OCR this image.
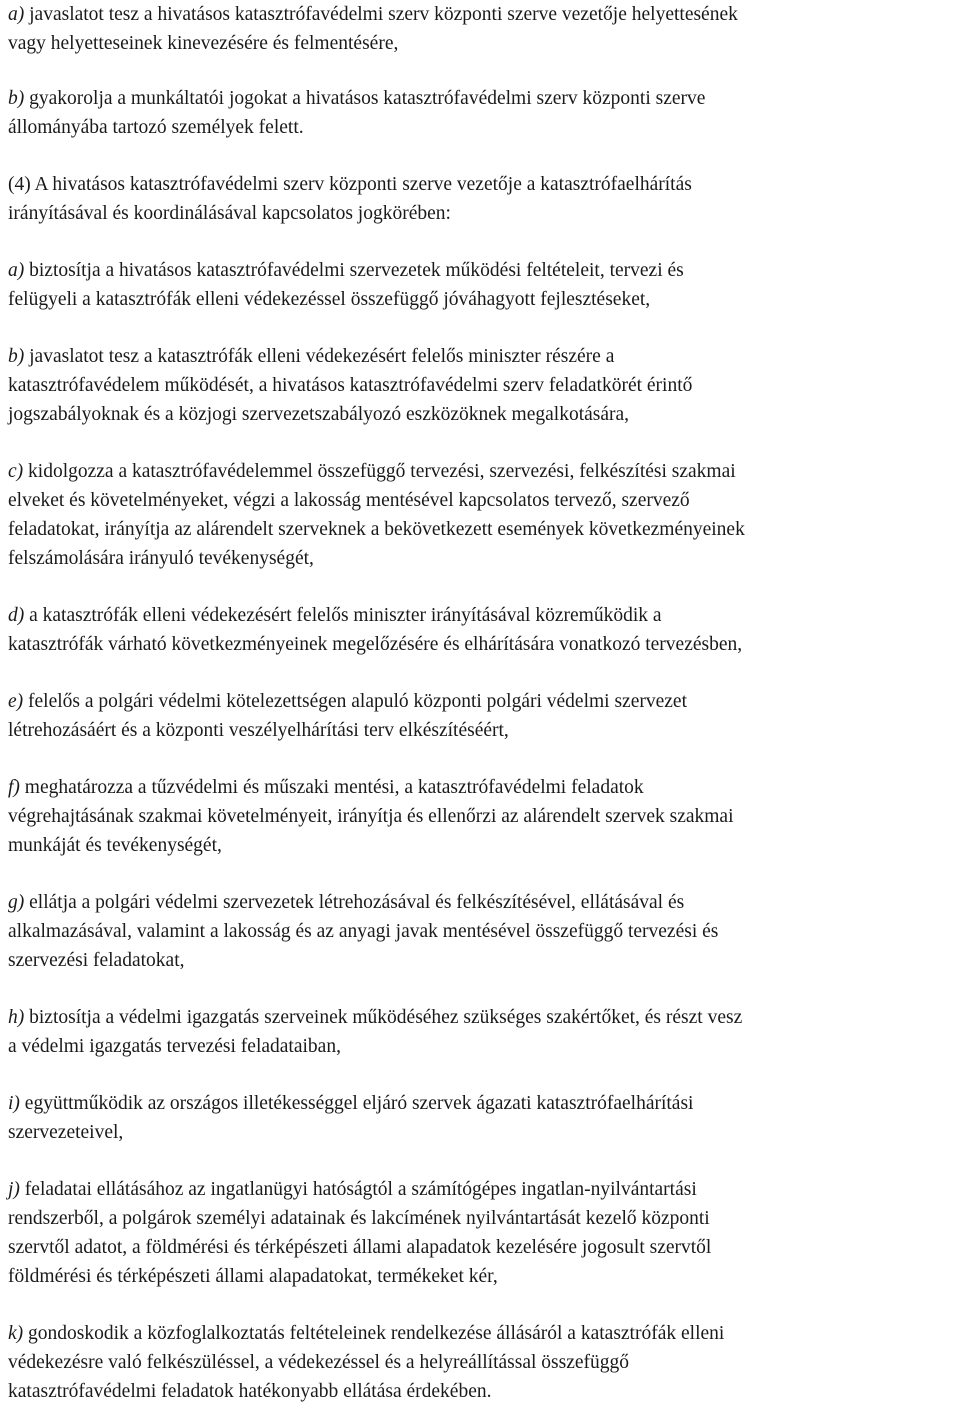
a) javaslatot tesz a hivatásos katasztrófavédelmi szerv központi szerve vezetője helyettesének
vagy helyetteseinek kinevezésére és felmentésére,
b) gyakorolja a munkáltatói jogokat a hivatásos katasztrófavédelmi szerv központi szerve
állományába tartozó személyek felett.
(4) A hivatásos katasztrófavédelmi szerv központi szerve vezetője a katasztrófaelhárítás
irányításával és koordinálásával kapcsolatos jogkörében:
a) biztosítja a hivatásos katasztrófavédelmi szervezetek működési feltételeit, tervezi és
felügyeli a katasztrófák elleni védekezéssel összefüggő jóváhagyott fejlesztéseket,
b) javaslatot tesz a katasztrófák elleni védekezésért felelős miniszter részére a
katasztrófavédelem működését, a hivatásos katasztrófavédelmi szerv feladatkörét érintő
jogszabályoknak és a közjogi szervezetszabályozó eszközöknek megalkotására,
c) kidolgozza a katasztrófavédelemmel összefüggő tervezési, szervezési, felkészítési szakmai
elveket és követelményeket, végzi a lakosság mentésével kapcsolatos tervező, szervező
feladatokat, irányítja az alárendelt szerveknek a bekövetkezett események következményeinek
felszámolására irányuló tevékenységét,
d) a katasztrófák elleni védekezésért felelős miniszter irányításával közreműködik a
katasztrófák várható következményeinek megelőzésére és elhárítására vonatkozó tervezésben,
e) felelős a polgári védelmi kötelezettségen alapuló központi polgári védelmi szervezet
létrehozásáért és a központi veszélyelhárítási terv elkészítéséért,
f) meghatározza a tűzvédelmi és műszaki mentési, a katasztrófavédelmi feladatok
végrehajtásának szakmai követelményeit, irányítja és ellenőrzi az alárendelt szervek szakmai
munkáját és tevékenységét,
g) ellátja a polgári védelmi szervezetek létrehozásával és felkészítésével, ellátásával és
alkalmazásával, valamint a lakosság és az anyagi javak mentésével összefüggő tervezési és
szervezési feladatokat,
h) biztosítja a védelmi igazgatás szerveinek működéséhez szükséges szakértőket, és részt vesz
a védelmi igazgatás tervezési feladataiban,
i) együttműködik az országos illetékességgel eljáró szervek ágazati katasztrófaelhárítási
szervezeteivel,
j) feladatai ellátásához az ingatlanügyi hatóságtól a számítógépes ingatlan-nyilvántartási
rendszerből, a polgárok személyi adatainak és lakcímének nyilvántartását kezelő központi
szervtől adatot, a földmérési és térképészeti állami alapadatok kezelésére jogosult szervtől
földmérési és térképészeti állami alapadatokat, termékeket kér,
k) gondoskodik a közfoglalkoztatás feltételeinek rendelkezése állásáról a katasztrófák elleni
védekezésre való felkészüléssel, a védekezéssel és a helyreállítással összefüggő
katasztrófavédelmi feladatok hatékonyabb ellátása érdekében.
